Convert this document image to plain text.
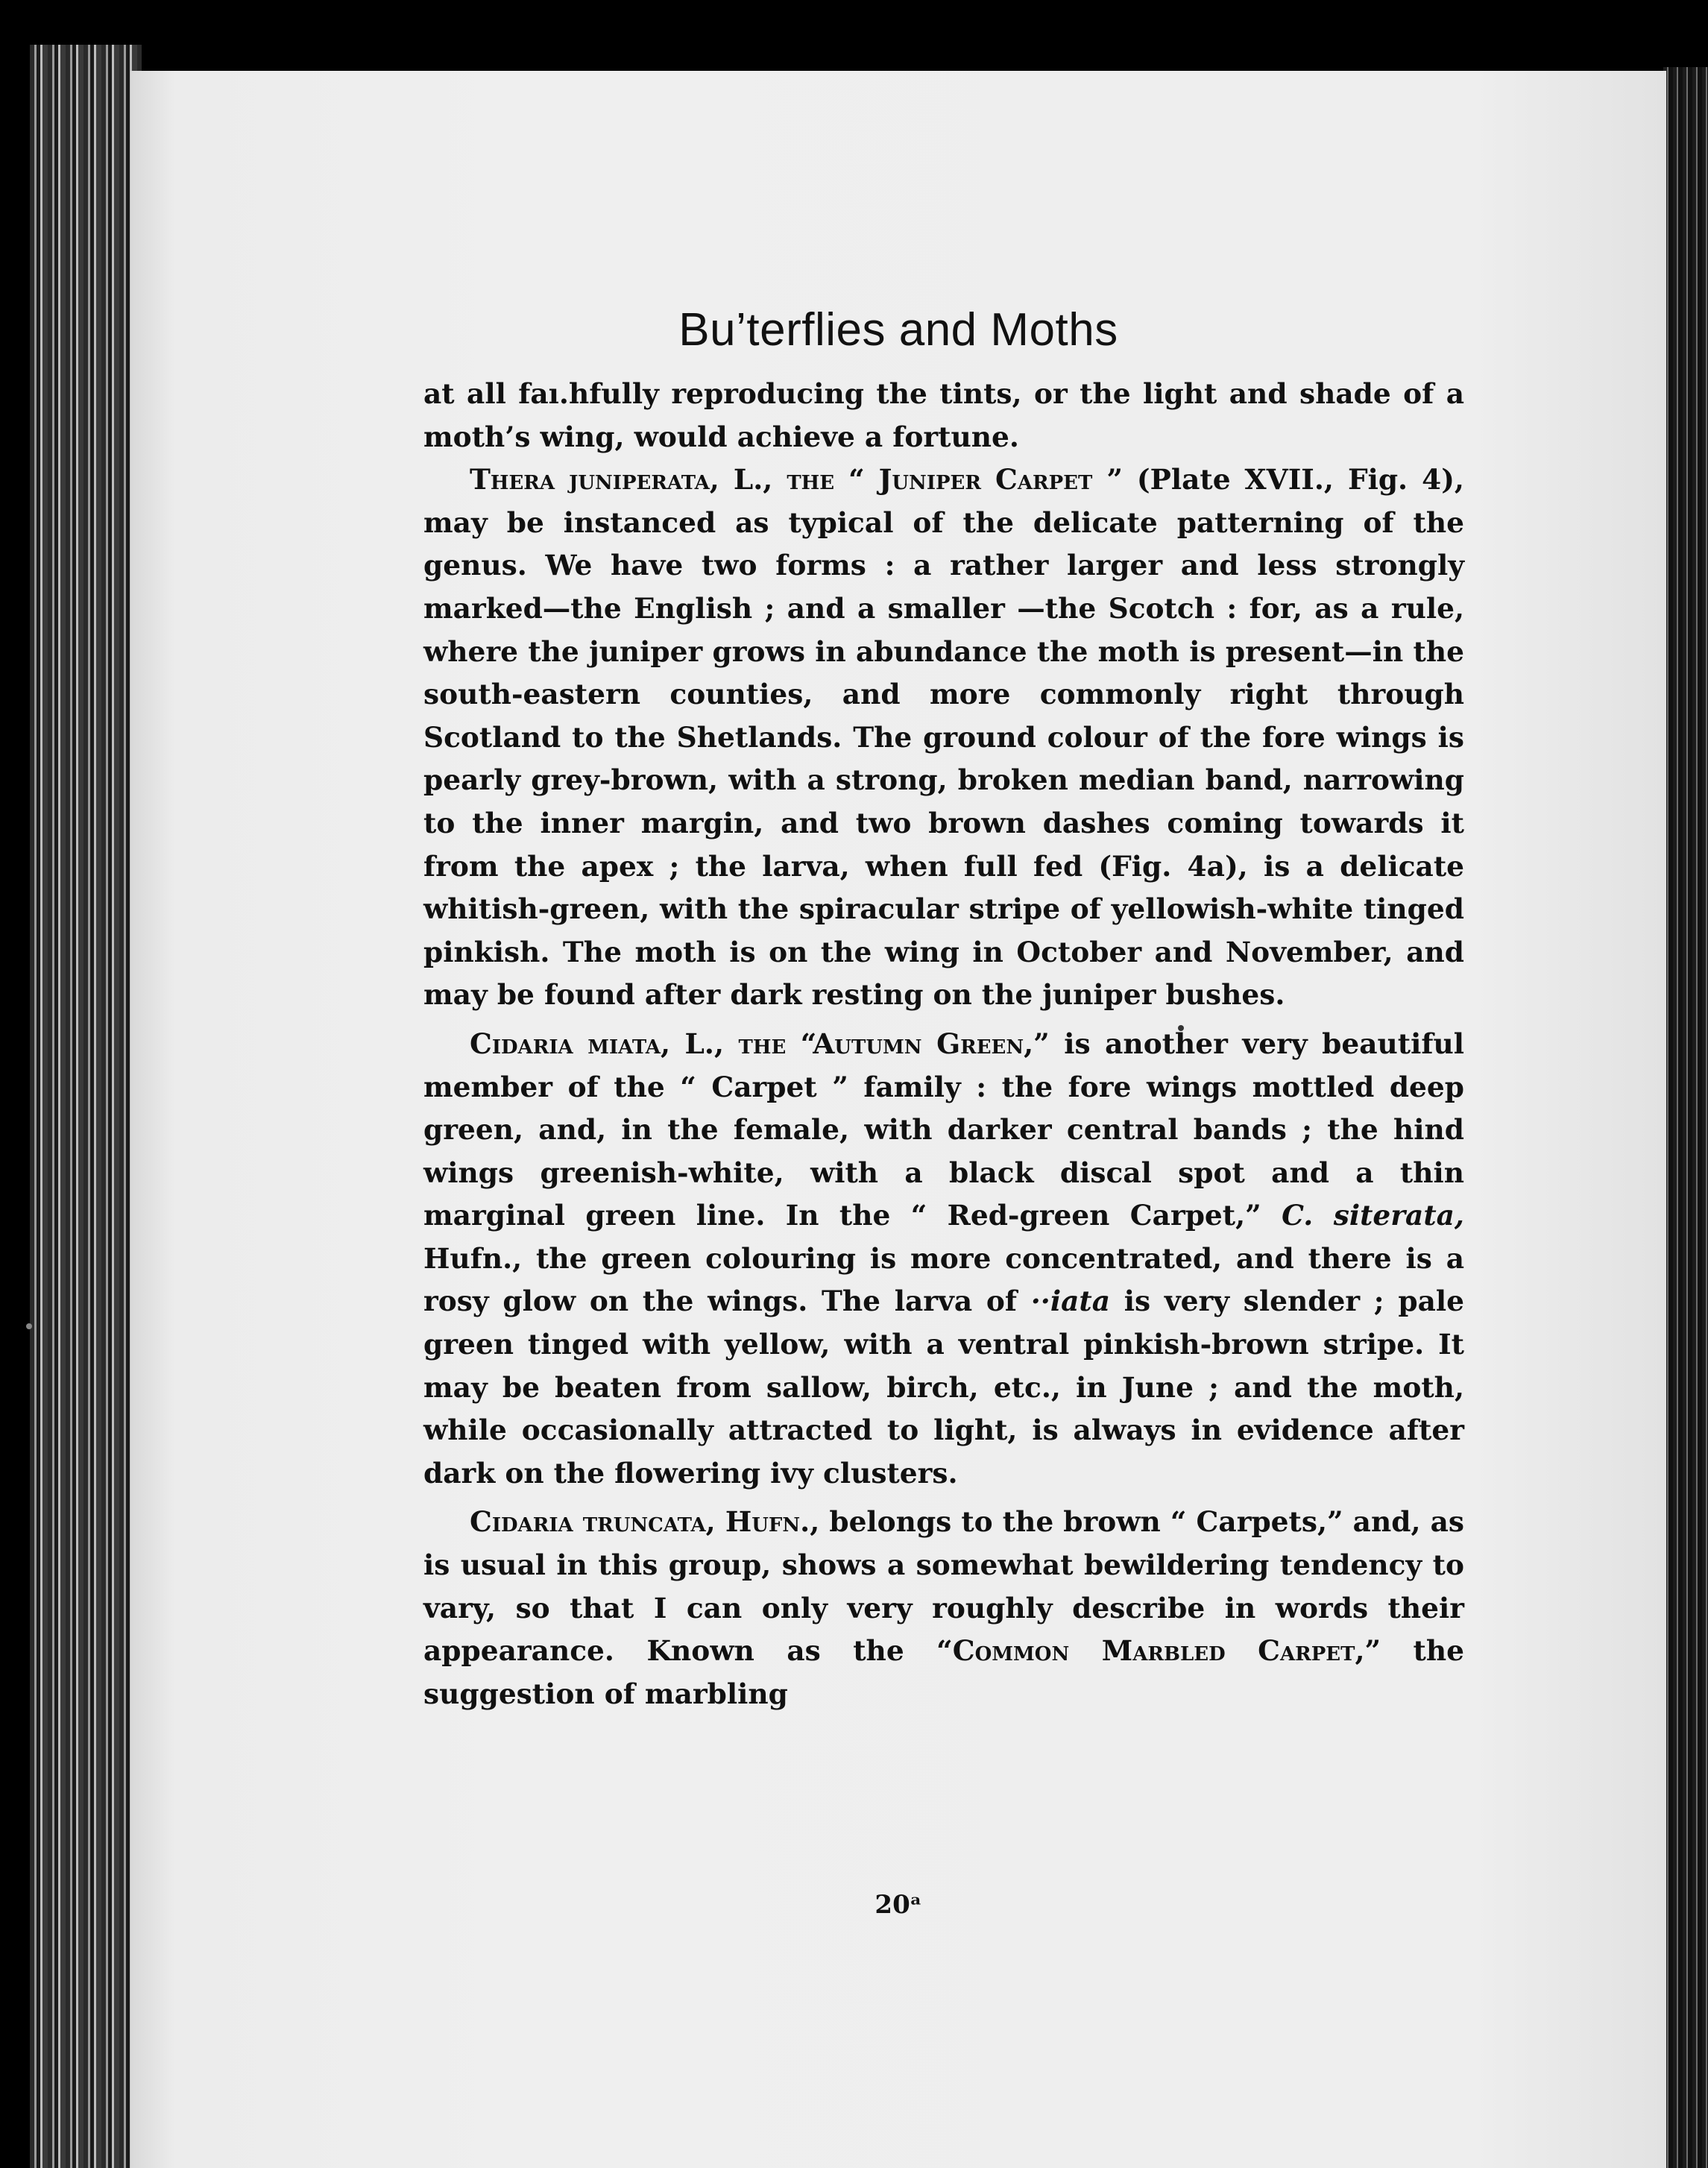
Bu’terflies and Moths
20ᵃ

at all faı.hfully reproducing the tints, or the light and shade of a moth’s wing, would achieve a fortune.

Thera juniperata, L., the “ Juniper Carpet ” (Plate XVII., Fig. 4), may be instanced as typical of the delicate patterning of the genus. We have two forms : a rather larger and less strongly marked—the English ; and a smaller —the Scotch : for, as a rule, where the juniper grows in abundance the moth is present—in the south-eastern counties, and more commonly right through Scotland to the Shetlands. The ground colour of the fore wings is pearly grey-brown, with a strong, broken median band, narrowing to the inner margin, and two brown dashes coming towards it from the apex ; the larva, when full fed (Fig. 4a), is a delicate whitish-green, with the spiracular stripe of yellowish-white tinged pinkish. The moth is on the wing in October and November, and may be found after dark resting on the juniper bushes.

Cidaria miata, L., the “Autumn Green,” is another very beautiful member of the “ Carpet ” family : the fore wings mottled deep green, and, in the female, with darker central bands ; the hind wings greenish-white, with a black discal spot and a thin marginal green line. In the “ Red-green Carpet,” C. siterata, Hufn., the green colouring is more concentrated, and there is a rosy glow on the wings. The larva of ··iata is very slender ; pale green tinged with yellow, with a ventral pinkish-brown stripe. It may be beaten from sallow, birch, etc., in June ; and the moth, while occasionally attracted to light, is always in evidence after dark on the flowering ivy clusters.

Cidaria truncata, Hufn., belongs to the brown “ Carpets,” and, as is usual in this group, shows a somewhat bewildering tendency to vary, so that I can only very roughly describe in words their appearance. Known as the “Common Marbled Carpet,” the suggestion of marbling
